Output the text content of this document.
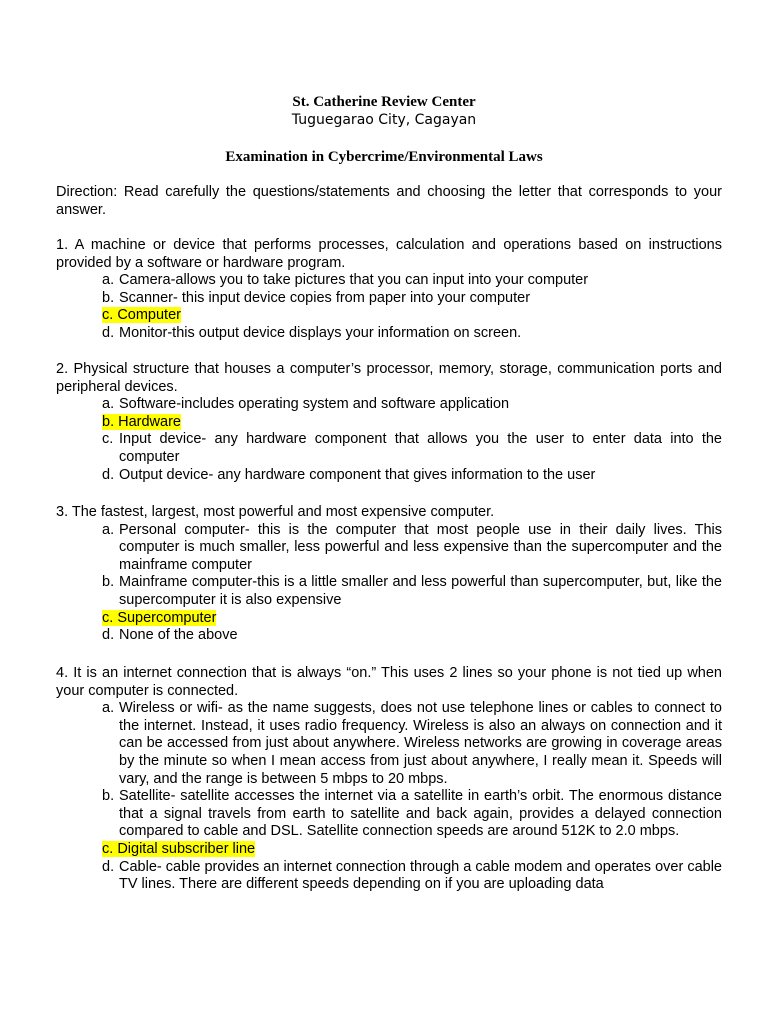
St. Catherine Review Center
Tuguegarao City, Cagayan
Examination in Cybercrime/Environmental Laws
Direction: Read carefully the questions/statements and choosing the letter that corresponds to your answer.
1. A machine or device that performs processes, calculation and operations based on instructions provided by a software or hardware program.
a. Camera-allows you to take pictures that you can input into your computer
b. Scanner- this input device copies from paper into your computer
c. Computer
d. Monitor-this output device displays your information on screen.
2. Physical structure that houses a computer’s processor, memory, storage, communication ports and peripheral devices.
a. Software-includes operating system and software application
b. Hardware
c. Input device- any hardware component that allows you the user to enter data into the computer
d. Output device- any hardware component that gives information to the user
3. The fastest, largest, most powerful and most expensive computer.
a. Personal computer- this is the computer that most people use in their daily lives. This computer is much smaller, less powerful and less expensive than the supercomputer and the mainframe computer
b. Mainframe computer-this is a little smaller and less powerful than supercomputer, but, like the supercomputer it is also expensive
c. Supercomputer
d. None of the above
4. It is an internet connection that is always “on.” This uses 2 lines so your phone is not tied up when your computer is connected.
a. Wireless or wifi- as the name suggests, does not use telephone lines or cables to connect to the internet. Instead, it uses radio frequency. Wireless is also an always on connection and it can be accessed from just about anywhere. Wireless networks are growing in coverage areas by the minute so when I mean access from just about anywhere, I really mean it. Speeds will vary, and the range is between 5 mbps to 20 mbps.
b. Satellite- satellite accesses the internet via a satellite in earth’s orbit. The enormous distance that a signal travels from earth to satellite and back again, provides a delayed connection compared to cable and DSL. Satellite connection speeds are around 512K to 2.0 mbps.
c. Digital subscriber line
d. Cable- cable provides an internet connection through a cable modem and operates over cable TV lines. There are different speeds depending on if you are uploading data
